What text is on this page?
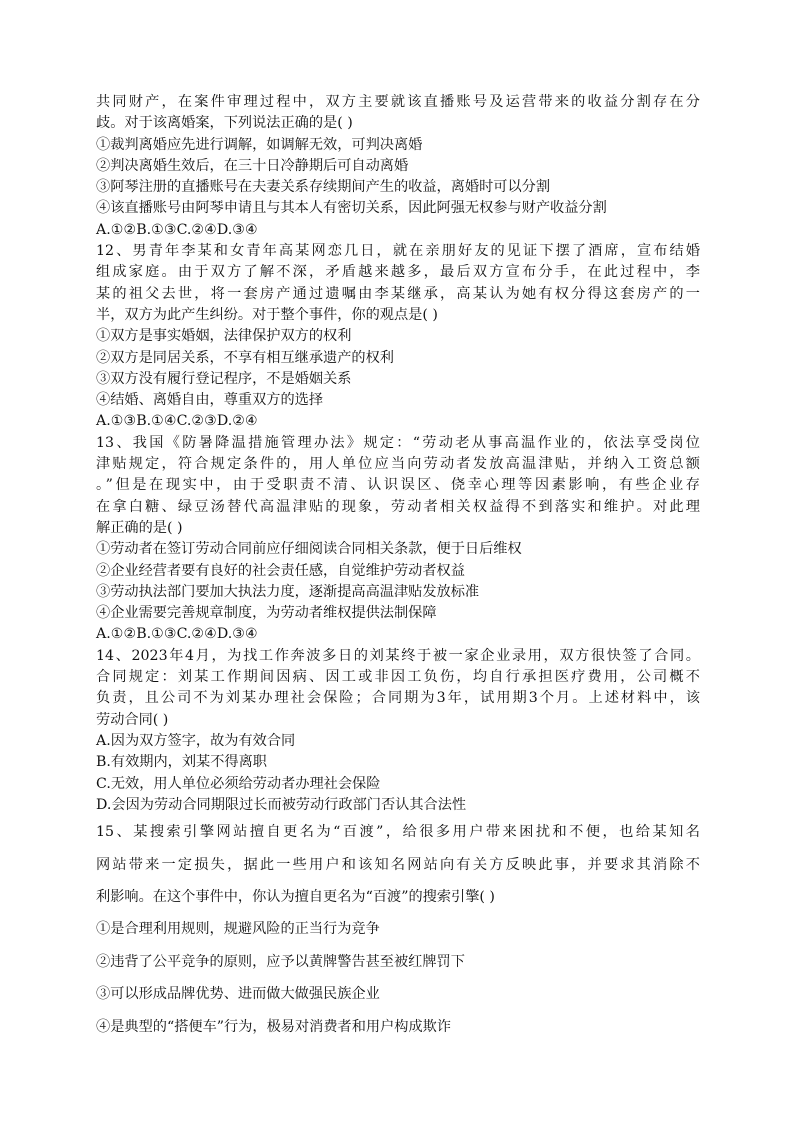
共同财产，在案件审理过程中，双方主要就该直播账号及运营带来的收益分割存在分
歧。对于该离婚案，下列说法正确的是( )
①裁判离婚应先进行调解，如调解无效，可判决离婚
②判决离婚生效后，在三十日冷静期后可自动离婚
③阿琴注册的直播账号在夫妻关系存续期间产生的收益，离婚时可以分割
④该直播账号由阿琴申请且与其本人有密切关系，因此阿强无权参与财产收益分割
A.①②B.①③C.②④D.③④
12、男青年李某和女青年高某网恋几日，就在亲朋好友的见证下摆了酒席，宣布结婚
组成家庭。由于双方了解不深，矛盾越来越多，最后双方宣布分手，在此过程中，李
某的祖父去世，将一套房产通过遗嘱由李某继承，高某认为她有权分得这套房产的一
半，双方为此产生纠纷。对于整个事件，你的观点是( )
①双方是事实婚姻，法律保护双方的权利
②双方是同居关系，不享有相互继承遗产的权利
③双方没有履行登记程序，不是婚姻关系
④结婚、离婚自由，尊重双方的选择
A.①③B.①④C.②③D.②④
13、我国《防暑降温措施管理办法》规定：“劳动老从事高温作业的，依法享受岗位
津贴规定，符合规定条件的，用人单位应当向劳动者发放高温津贴，并纳入工资总额
。”但是在现实中，由于受职责不清、认识误区、侥幸心理等因素影响，有些企业存
在拿白糖、绿豆汤替代高温津贴的现象，劳动者相关权益得不到落实和维护。对此理
解正确的是( )
①劳动者在签订劳动合同前应仔细阅读合同相关条款，便于日后维权
②企业经营者要有良好的社会责任感，自觉维护劳动者权益
③劳动执法部门要加大执法力度，逐渐提高高温津贴发放标准
④企业需要完善规章制度，为劳动者维权提供法制保障
A.①②B.①③C.②④D.③④
14、2023年4月，为找工作奔波多日的刘某终于被一家企业录用，双方很快签了合同。
合同规定：刘某工作期间因病、因工或非因工负伤，均自行承担医疗费用，公司概不
负责，且公司不为刘某办理社会保险；合同期为3年，试用期3个月。上述材料中，该
劳动合同( )
A.因为双方签字，故为有效合同
B.有效期内，刘某不得离职
C.无效，用人单位必须给劳动者办理社会保险
D.会因为劳动合同期限过长而被劳动行政部门否认其合法性
15、某搜索引擎网站擅自更名为“百渡”，给很多用户带来困扰和不便，也给某知名
网站带来一定损失，据此一些用户和该知名网站向有关方反映此事，并要求其消除不
利影响。在这个事件中，你认为擅自更名为“百渡”的搜索引擎( )
①是合理利用规则，规避风险的正当行为竞争
②违背了公平竞争的原则，应予以黄牌警告甚至被红牌罚下
③可以形成品牌优势、进而做大做强民族企业
④是典型的“搭便车”行为，极易对消费者和用户构成欺诈
